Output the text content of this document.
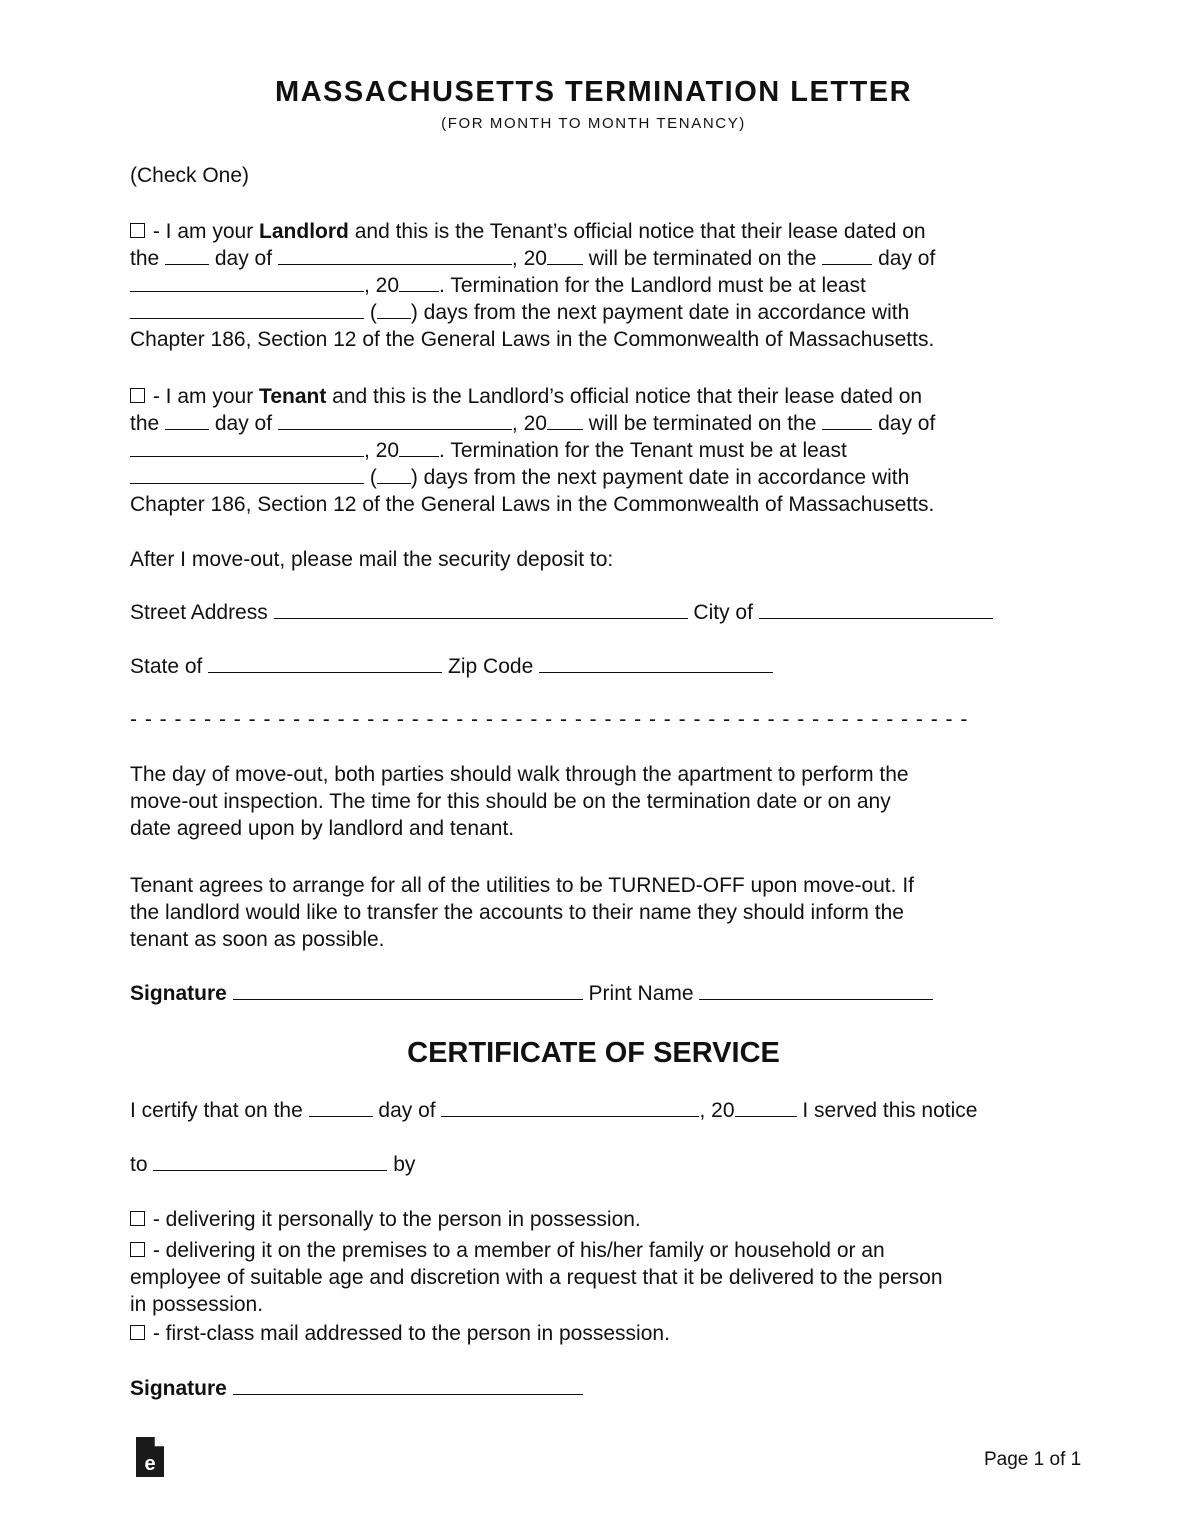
MASSACHUSETTS TERMINATION LETTER
(FOR MONTH TO MONTH TENANCY)
(Check One)
- I am your Landlord and this is the Tenant’s official notice that their lease dated on
the  day of	, 20 will be terminated on the  day of
, 20 . Termination for the Landlord must be at least
( ) days from the next payment date in accordance with
Chapter 186, Section 12 of the General Laws in the Commonwealth of Massachusetts.
- I am your Tenant and this is the Landlord’s official notice that their lease dated on
the  day of	, 20 will be terminated on the  day of
, 20 . Termination for the Tenant must be at least
( ) days from the next payment date in accordance with
Chapter 186, Section 12 of the General Laws in the Commonwealth of Massachusetts.
After I move-out, please mail the security deposit to:
Street Address	City of
State of	Zip Code
- - - - - - - - - - - - - - - - - - - - - - - - - - - - - - - - - - - - - - - - - - - - - - - - - - - - - - - - -
The day of move-out, both parties should walk through the apartment to perform the
move-out inspection. The time for this should be on the termination date or on any
date agreed upon by landlord and tenant.
Tenant agrees to arrange for all of the utilities to be TURNED-OFF upon move-out. If
the landlord would like to transfer the accounts to their name they should inform the
tenant as soon as possible.
Signature	Print Name
CERTIFICATE OF SERVICE
I certify that on the	day of	, 20	I served this notice
to	by
- delivering it personally to the person in possession.
- delivering it on the premises to a member of his/her family or household or an
employee of suitable age and discretion with a request that it be delivered to the person
in possession.
- first-class mail addressed to the person in possession.
Signature
e	Page 1 of 1
